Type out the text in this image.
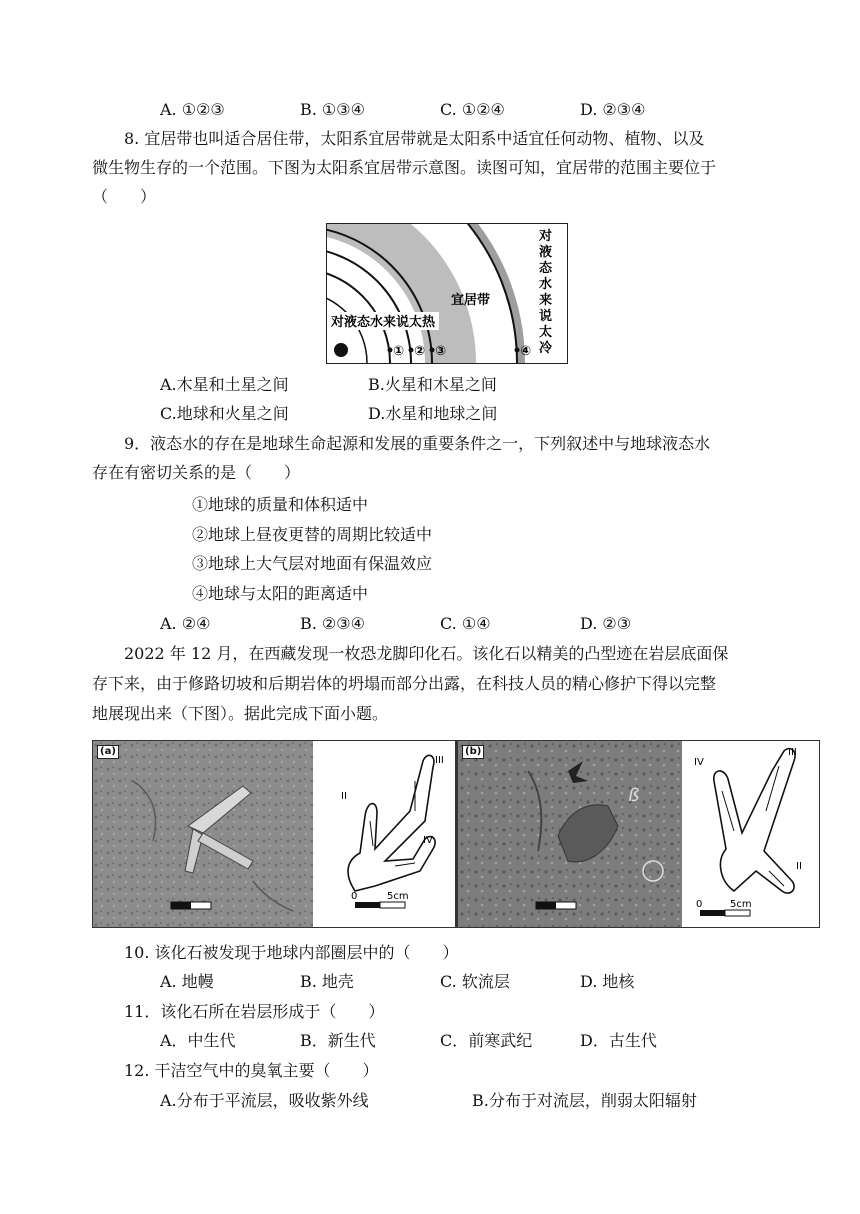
A. ①②③	B. ①③④	C. ①②④	D. ②③④
8. 宜居带也叫适合居住带，太阳系宜居带就是太阳系中适宜任何动物、植物、以及
微生物生存的一个范围。下图为太阳系宜居带示意图。读图可知，宜居带的范围主要位于
（　　）
对液态水来说太热
宜居带
① ② ③	④
对
液
态
水
来
说
太
冷
A.木星和土星之间	B.火星和木星之间
C.地球和火星之间	D.水星和地球之间
9．液态水的存在是地球生命起源和发展的重要条件之一，下列叙述中与地球液态水
存在有密切关系的是（　　）
①地球的质量和体积适中
②地球上昼夜更替的周期比较适中
③地球上大气层对地面有保温效应
④地球与太阳的距离适中
A. ②④	B. ②③④	C. ①④	D. ②③
2022 年 12 月，在西藏发现一枚恐龙脚印化石。该化石以精美的凸型迹在岩层底面保
存下来，由于修路切坡和后期岩体的坍塌而部分出露，在科技人员的精心修护下得以完整
地展现出来（下图）。据此完成下面小题。
(a)
II
III
IV
0	5cm
ß
(b)
IV
III
II
0	5cm
10. 该化石被发现于地球内部圈层中的（　　）
A. 地幔	B. 地壳	C. 软流层	D. 地核
11．该化石所在岩层形成于（　　）
A．中生代	B．新生代	C．前寒武纪	D．古生代
12. 干洁空气中的臭氧主要（　　）
A.分布于平流层，吸收紫外线	B.分布于对流层，削弱太阳辐射
